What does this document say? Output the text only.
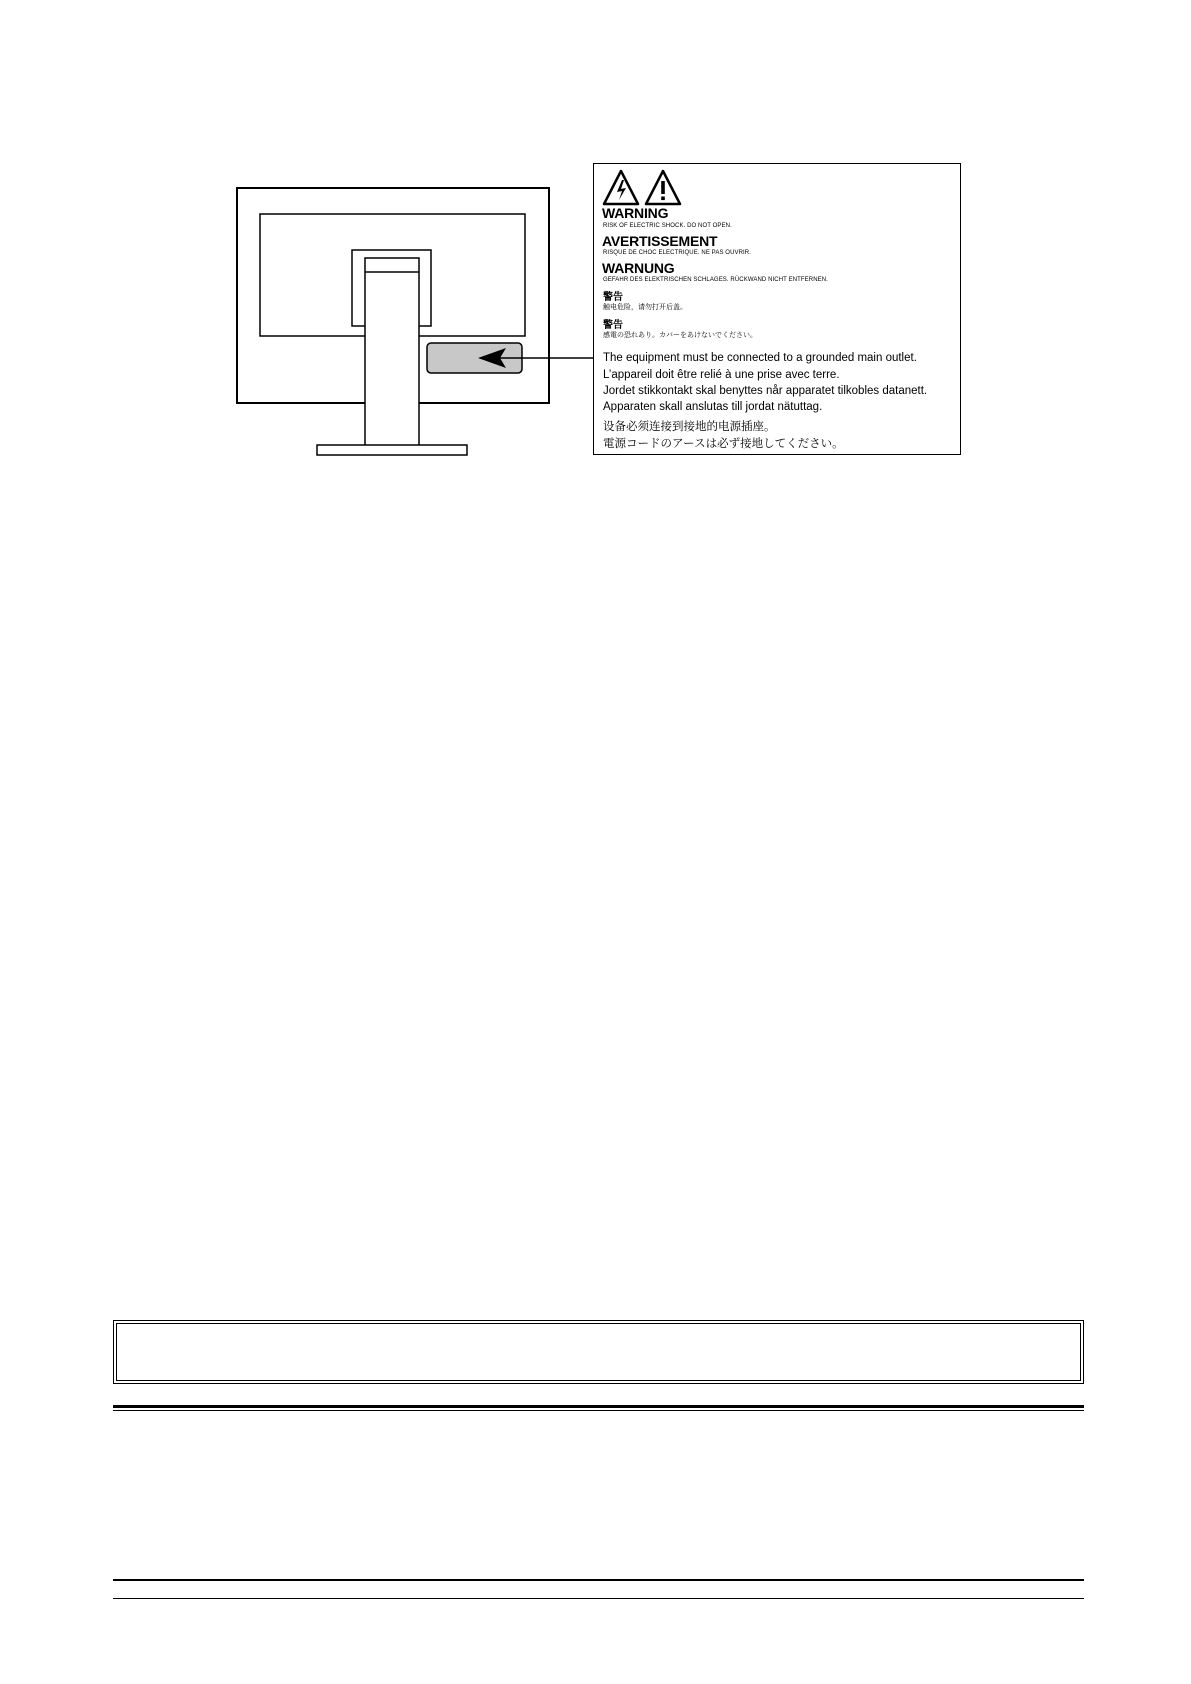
WARNING
RISK OF ELECTRIC SHOCK. DO NOT OPEN.
AVERTISSEMENT
RISQUE DE CHOC ELECTRIQUE. NE PAS OUVRIR.
WARNUNG
GEFAHR DES ELEKTRISCHEN SCHLAGES. RÜCKWAND NICHT ENTFERNEN.
警告
触电危险，请勿打开后盖。
警告
感電の恐れあり。カバーをあけないでください。
The equipment must be connected to a grounded main outlet.
L’appareil doit être relié à une prise avec terre.
Jordet stikkontakt skal benyttes når apparatet tilkobles datanett.
Apparaten skall anslutas till jordat nätuttag.
设备必须连接到接地的电源插座。
電源コードのアースは必ず接地してください。
